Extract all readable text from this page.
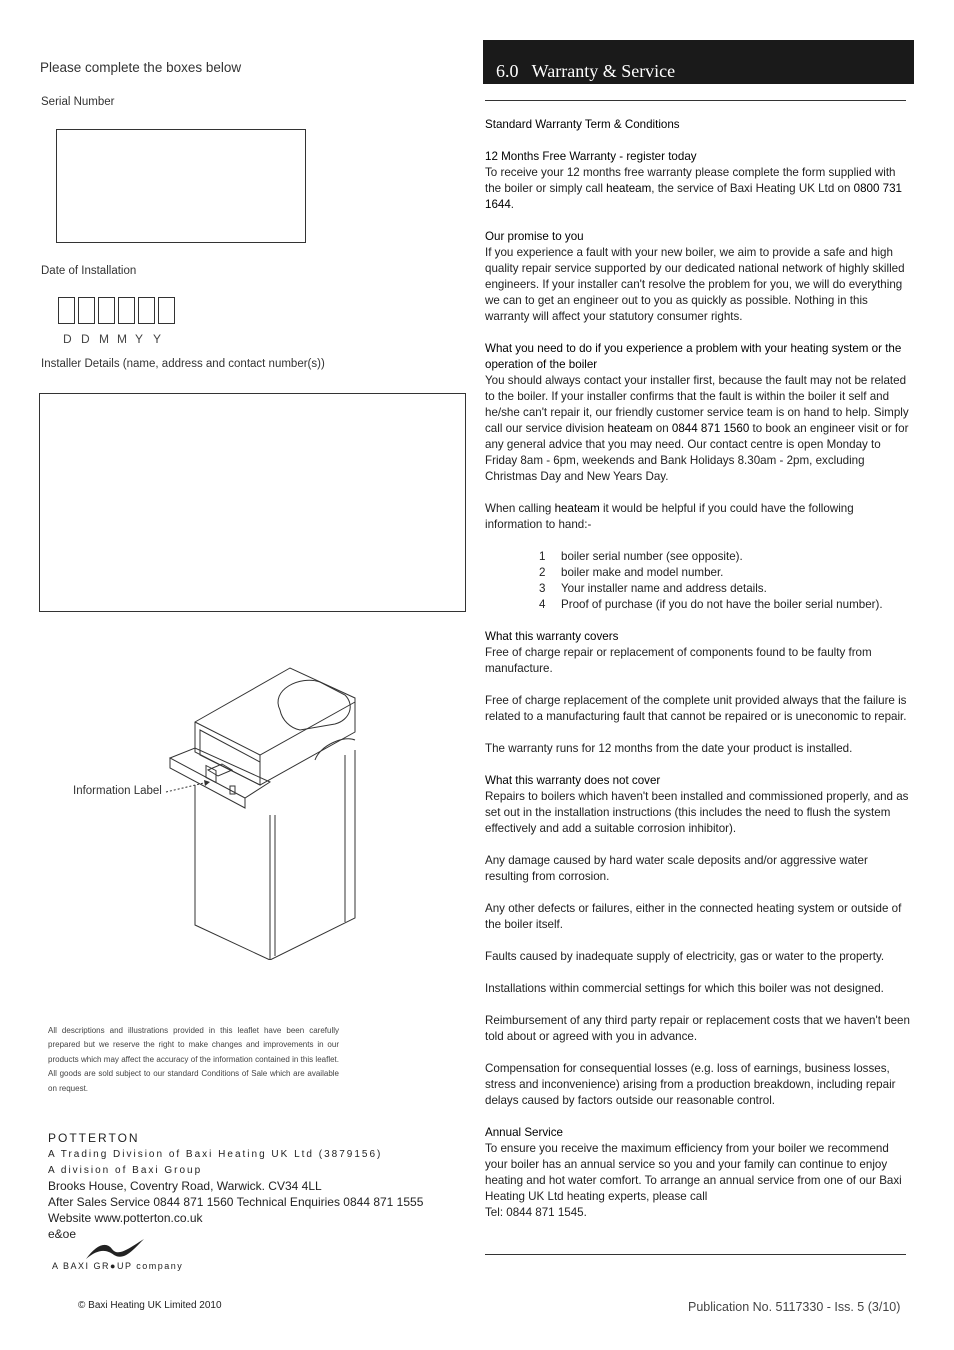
Please complete the boxes below
Serial Number
Date of Installation
D D M M Y Y
Installer Details (name, address and contact number(s))
Information Label
All descriptions and illustrations provided in this leaflet have been carefully prepared but we reserve the right to make changes and improvements in our products which may affect the accuracy of the information contained in this leaflet. All goods are sold subject to our standard Conditions of Sale which are available on request.
POTTERTON
A Trading Division of Baxi Heating UK Ltd (3879156)
A division of Baxi Group
Brooks House, Coventry Road, Warwick. CV34 4LL
After Sales Service 0844 871 1560 Technical Enquiries 0844 871 1555
Website www.potterton.co.uk
e&oe
A BAXI GR●UP company
© Baxi Heating UK Limited 2010
6.0   Warranty & Service

Standard Warranty Term & Conditions

12 Months Free Warranty - register today

To receive your 12 months free warranty please complete the form supplied with the boiler or simply call heateam, the service of Baxi Heating UK Ltd on 0800 731 1644.

Our promise to you

If you experience a fault with your new boiler, we aim to provide a safe and high quality repair service supported by our dedicated national network of highly skilled engineers. If your installer can't resolve the problem for you, we will do everything we can to get an engineer out to you as quickly as possible. Nothing in this warranty will affect your statutory consumer rights.

What you need to do if you experience a problem with your heating system or the operation of the boiler

You should always contact your installer first, because the fault may not be related to the boiler. If your installer confirms that the fault is within the boiler it self and he/she can't repair it, our friendly customer service team is on hand to help. Simply call our service division heateam on 0844 871 1560 to book an engineer visit or for any general advice that you may need. Our contact centre is open Monday to Friday 8am - 6pm, weekends and Bank Holidays 8.30am - 2pm, excluding Christmas Day and New Years Day.

When calling heateam it would be helpful if you could have the following information to hand:-

1 boiler serial number (see opposite).

2 boiler make and model number.

3 Your installer name and address details.

4 Proof of purchase (if you do not have the boiler serial number).

What this warranty covers

Free of charge repair or replacement of components found to be faulty from manufacture.

Free of charge replacement of the complete unit provided always that the failure is related to a manufacturing fault that cannot be repaired or is uneconomic to repair.

The warranty runs for 12 months from the date your product is installed.

What this warranty does not cover

Repairs to boilers which haven't been installed and commissioned properly, and as set out in the installation instructions (this includes the need to flush the system effectively and add a suitable corrosion inhibitor).

Any damage caused by hard water scale deposits and/or aggressive water resulting from corrosion.

Any other defects or failures, either in the connected heating system or outside of the boiler itself.

Faults caused by inadequate supply of electricity, gas or water to the property.

Installations within commercial settings for which this boiler was not designed.

Reimbursement of any third party repair or replacement costs that we haven't been told about or agreed with you in advance.

Compensation for consequential losses (e.g. loss of earnings, business losses, stress and inconvenience) arising from a production breakdown, including repair delays caused by factors outside our reasonable control.

Annual Service

To ensure you receive the maximum efficiency from your boiler we recommend your boiler has an annual service so you and your family can continue to enjoy heating and hot water comfort. To arrange an annual service from one of our Baxi Heating UK Ltd heating experts, please call

Tel: 0844 871 1545.

Publication No. 5117330 - Iss. 5 (3/10)
